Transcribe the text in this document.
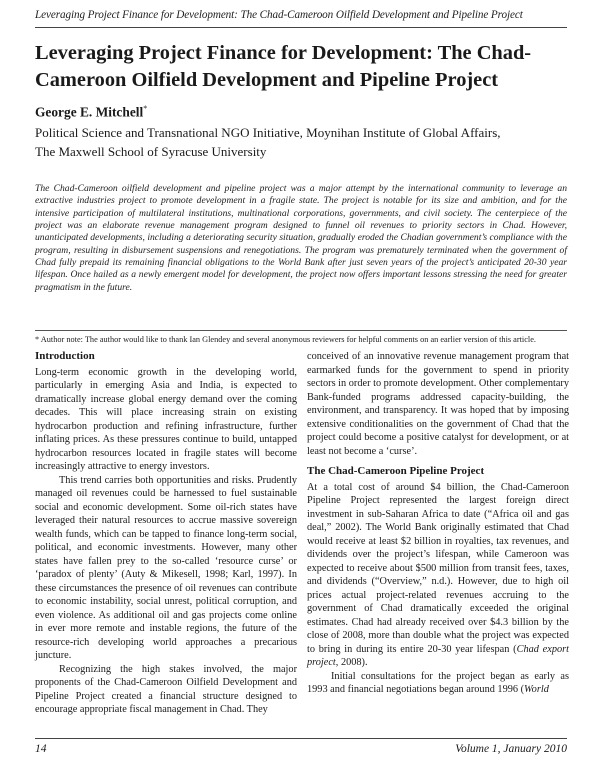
Leveraging Project Finance for Development: The Chad-Cameroon Oilfield Development and Pipeline Project
Leveraging Project Finance for Development: The Chad-Cameroon Oilfield Development and Pipeline Project
George E. Mitchell*
Political Science and Transnational NGO Initiative, Moynihan Institute of Global Affairs,
The Maxwell School of Syracuse University

The Chad-Cameroon oilfield development and pipeline project was a major attempt by the international community to leverage an extractive industries project to promote development in a fragile state. The project is notable for its size and ambition, and for the intensive participation of multilateral institutions, multinational corporations, governments, and civil society. The centerpiece of the project was an elaborate revenue management program designed to funnel oil revenues to priority sectors in Chad. However, unanticipated developments, including a deteriorating security situation, gradually eroded the Chadian government’s compliance with the program, resulting in disbursement suspensions and renegotiations. The program was prematurely terminated when the government of Chad fully prepaid its remaining financial obligations to the World Bank after just seven years of the project’s anticipated 20-30 year lifespan. Once hailed as a newly emergent model for development, the project now offers important lessons stressing the need for greater pragmatism in the future.

* Author note: The author would like to thank Ian Glendey and several anonymous reviewers for helpful comments on an earlier version of this article.

Introduction

Long-term economic growth in the developing world, particularly in emerging Asia and India, is expected to dramatically increase global energy demand over the coming decades. This will place increasing strain on existing hydrocarbon production and refining infrastructure, further inflating prices. As these pressures continue to build, untapped hydrocarbon resources located in fragile states will become increasingly attractive to energy investors.

This trend carries both opportunities and risks. Prudently managed oil revenues could be harnessed to fuel sustainable social and economic development. Some oil-rich states have leveraged their natural resources to accrue massive sovereign wealth funds, which can be tapped to finance long-term social, political, and economic investments. However, many other states have fallen prey to the so-called ‘resource curse’ or ‘paradox of plenty’ (Auty & Mikesell, 1998; Karl, 1997). In these circumstances the presence of oil revenues can contribute to economic instability, social unrest, political corruption, and even violence. As additional oil and gas projects come online in ever more remote and instable regions, the future of the resource-rich developing world approaches a precarious juncture.

Recognizing the high stakes involved, the major proponents of the Chad-Cameroon Oilfield Development and Pipeline Project created a financial structure designed to encourage appropriate fiscal management in Chad. They

conceived of an innovative revenue management program that earmarked funds for the government to spend in priority sectors in order to promote development. Other complementary Bank-funded programs addressed capacity-building, the environment, and transparency. It was hoped that by imposing extensive conditionalities on the government of Chad that the project could become a positive catalyst for development, or at least not become a ‘curse’.

The Chad-Cameroon Pipeline Project

At a total cost of around $4 billion, the Chad-Cameroon Pipeline Project represented the largest foreign direct investment in sub-Saharan Africa to date (“Africa oil and gas deal,” 2002). The World Bank originally estimated that Chad would receive at least $2 billion in royalties, tax revenues, and dividends over the project’s lifespan, while Cameroon was expected to receive about $500 million from transit fees, taxes, and dividends (“Overview,” n.d.). However, due to high oil prices actual project-related revenues accruing to the government of Chad dramatically exceeded the original estimates. Chad had already received over $4.3 billion by the close of 2008, more than double what the project was expected to bring in during its entire 20-30 year lifespan (Chad export project, 2008).

Initial consultations for the project began as early as 1993 and financial negotiations began around 1996 (World

14	Volume 1, January 2010
